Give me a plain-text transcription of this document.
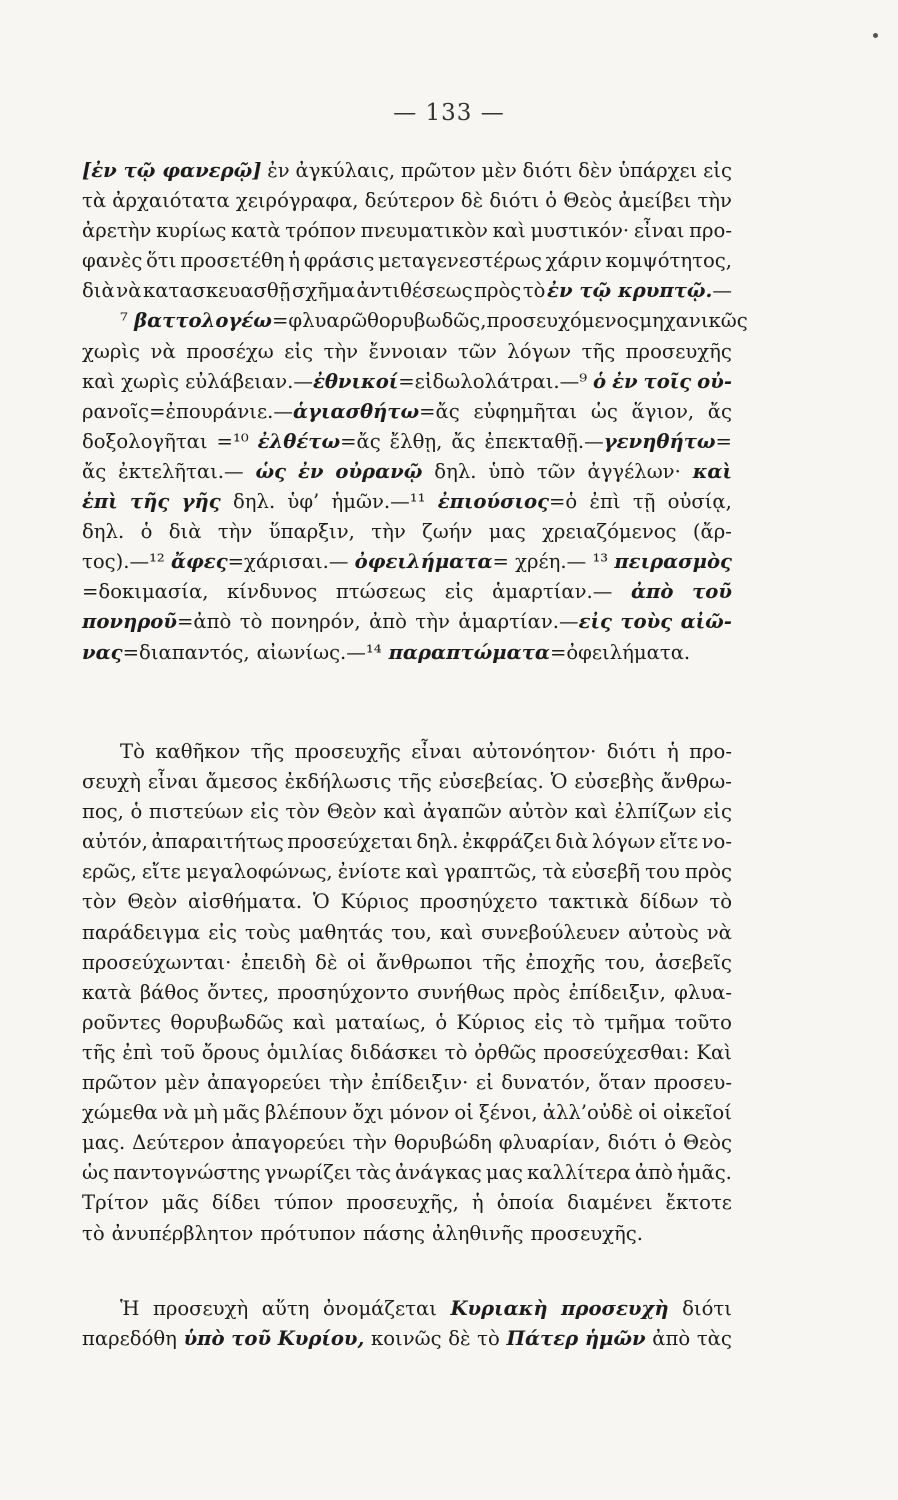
— 133 —
[ἐν τῷ φανερῷ] ἐν ἀγκύλαις, πρῶτον μὲν διότι δὲν ὑπάρχει εἰς
τὰ ἀρχαιότατα χειρόγραφα, δεύτερον δὲ διότι ὁ Θεὸς ἀμείβει τὴν
ἀρετὴν κυρίως κατὰ τρόπον πνευματικὸν καὶ μυστικόν· εἶναι προ-
φανὲς ὅτι προσετέθη ἡ φράσις μεταγενεστέρως χάριν κομψότητος,
διὰ νὰ κατασκευασθῇ σχῆμα ἀντιθέσεως πρὸς τὸ ἐν τῷ κρυπτῷ.—
⁷ βαττολογέω=φλυαρῶ θορυβωδῶς, προσευχόμενος μηχανικῶς
χωρὶς νὰ προσέχω εἰς τὴν ἔννοιαν τῶν λόγων τῆς προσευχῆς
καὶ χωρὶς εὐλάβειαν.—ἐθνικοί=εἰδωλολάτραι.—⁹ ὁ ἐν τοῖς οὐ-
ρανοῖς=ἐπουράνιε.—ἁγιασθήτω=ἄς εὐφημῆται ὡς ἅγιον, ἄς
δοξολογῆται =¹⁰ ἐλθέτω=ἄς ἔλθῃ, ἄς ἐπεκταθῇ.—γενηθήτω=
ἄς ἐκτελῆται.— ὡς ἐν οὐρανῷ δηλ. ὑπὸ τῶν ἀγγέλων· καὶ
ἐπὶ τῆς γῆς δηλ. ὑφ’ ἡμῶν.—¹¹ ἐπιούσιος=ὁ ἐπὶ τῇ οὐσίᾳ,
δηλ. ὁ διὰ τὴν ὕπαρξιν, τὴν ζωήν μας χρειαζόμενος (ἄρ-
τος).—¹² ἄφες=χάρισαι.— ὀφειλήματα= χρέη.— ¹³ πειρασμὸς
=δοκιμασία, κίνδυνος πτώσεως εἰς ἁμαρτίαν.— ἀπὸ τοῦ
πονηροῦ=ἀπὸ τὸ πονηρόν, ἀπὸ τὴν ἁμαρτίαν.—εἰς τοὺς αἰῶ-
νας=διαπαντός, αἰωνίως.—¹⁴ παραπτώματα=ὀφειλήματα.
Τὸ καθῆκον τῆς προσευχῆς εἶναι αὐτονόητον· διότι ἡ προ-
σευχὴ εἶναι ἄμεσος ἐκδήλωσις τῆς εὐσεβείας. Ὁ εὐσεβὴς ἄνθρω-
πος, ὁ πιστεύων εἰς τὸν Θεὸν καὶ ἀγαπῶν αὐτὸν καὶ ἐλπίζων εἰς
αὐτόν, ἀπαραιτήτως προσεύχεται δηλ. ἐκφράζει διὰ λόγων εἴτε νο-
ερῶς, εἴτε μεγαλοφώνως, ἐνίοτε καὶ γραπτῶς, τὰ εὐσεβῆ του πρὸς
τὸν Θεὸν αἰσθήματα. Ὁ Κύριος προσηύχετο τακτικὰ δίδων τὸ
παράδειγμα εἰς τοὺς μαθητάς του, καὶ συνεβούλευεν αὐτοὺς νὰ
προσεύχωνται· ἐπειδὴ δὲ οἱ ἄνθρωποι τῆς ἐποχῆς του, ἀσεβεῖς
κατὰ βάθος ὄντες, προσηύχοντο συνήθως πρὸς ἐπίδειξιν, φλυα-
ροῦντες θορυβωδῶς καὶ ματαίως, ὁ Κύριος εἰς τὸ τμῆμα τοῦτο
τῆς ἐπὶ τοῦ ὄρους ὁμιλίας διδάσκει τὸ ὀρθῶς προσεύχεσθαι: Καὶ
πρῶτον μὲν ἀπαγορεύει τὴν ἐπίδειξιν· εἰ δυνατόν, ὅταν προσευ-
χώμεθα νὰ μὴ μᾶς βλέπουν ὄχι μόνον οἱ ξένοι, ἀλλ’οὐδὲ οἱ οἰκεῖοί
μας. Δεύτερον ἀπαγορεύει τὴν θορυβώδη φλυαρίαν, διότι ὁ Θεὸς
ὡς παντογνώστης γνωρίζει τὰς ἀνάγκας μας καλλίτερα ἀπὸ ἡμᾶς.
Τρίτον μᾶς δίδει τύπον προσευχῆς, ἡ ὁποία διαμένει ἔκτοτε
τὸ ἀνυπέρβλητον πρότυπον πάσης ἀληθινῆς προσευχῆς.
Ἡ προσευχὴ αὕτη ὀνομάζεται Κυριακὴ προσευχὴ διότι
παρεδόθη ὑπὸ τοῦ Κυρίου, κοινῶς δὲ τὸ Πάτερ ἡμῶν ἀπὸ τὰς
